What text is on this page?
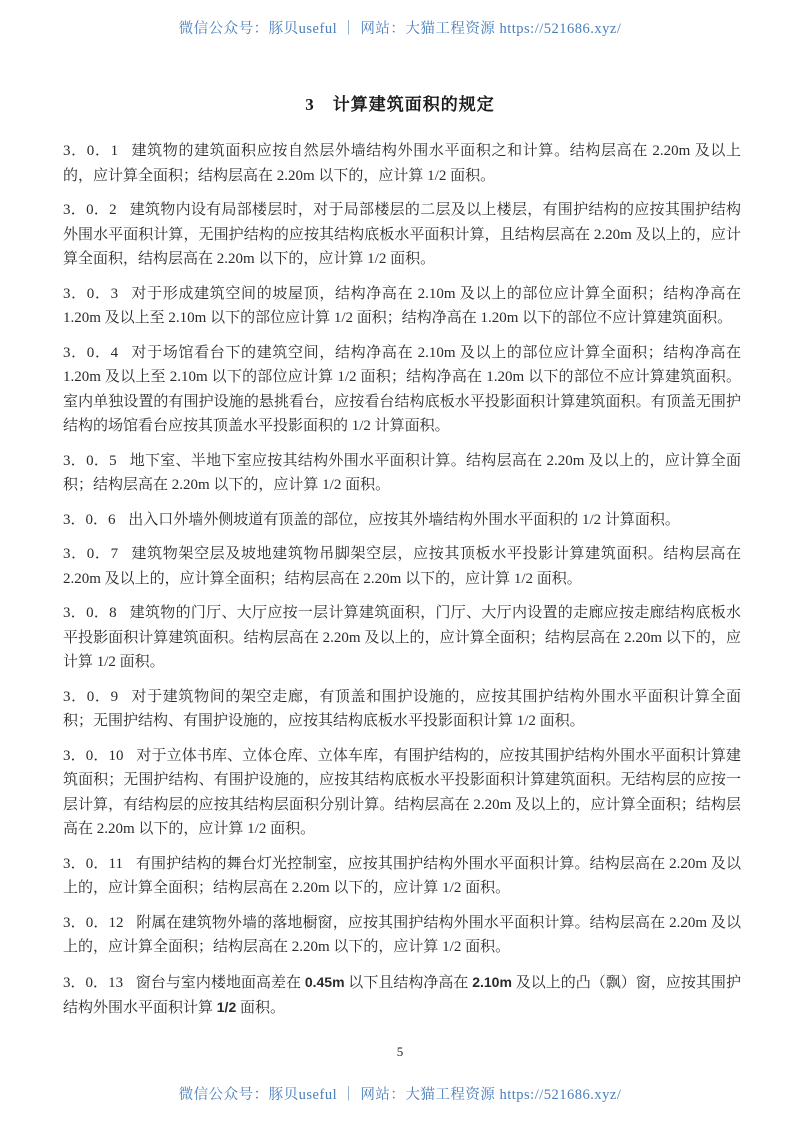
微信公众号：豚贝useful ｜ 网站：大猫工程资源 https://521686.xyz/
3　计算建筑面积的规定

3．0．1 建筑物的建筑面积应按自然层外墙结构外围水平面积之和计算。结构层高在 2.20m 及以上的，应计算全面积；结构层高在 2.20m 以下的，应计算 1/2 面积。

3．0．2 建筑物内设有局部楼层时，对于局部楼层的二层及以上楼层，有围护结构的应按其围护结构外围水平面积计算，无围护结构的应按其结构底板水平面积计算，且结构层高在 2.20m 及以上的，应计算全面积，结构层高在 2.20m 以下的，应计算 1/2 面积。

3．0．3 对于形成建筑空间的坡屋顶，结构净高在 2.10m 及以上的部位应计算全面积；结构净高在 1.20m 及以上至 2.10m 以下的部位应计算 1/2 面积；结构净高在 1.20m 以下的部位不应计算建筑面积。

3．0．4 对于场馆看台下的建筑空间，结构净高在 2.10m 及以上的部位应计算全面积；结构净高在 1.20m 及以上至 2.10m 以下的部位应计算 1/2 面积；结构净高在 1.20m 以下的部位不应计算建筑面积。室内单独设置的有围护设施的悬挑看台，应按看台结构底板水平投影面积计算建筑面积。有顶盖无围护结构的场馆看台应按其顶盖水平投影面积的 1/2 计算面积。

3．0．5 地下室、半地下室应按其结构外围水平面积计算。结构层高在 2.20m 及以上的，应计算全面积；结构层高在 2.20m 以下的，应计算 1/2 面积。

3．0．6 出入口外墙外侧坡道有顶盖的部位，应按其外墙结构外围水平面积的 1/2 计算面积。

3．0．7 建筑物架空层及坡地建筑物吊脚架空层，应按其顶板水平投影计算建筑面积。结构层高在 2.20m 及以上的，应计算全面积；结构层高在 2.20m 以下的，应计算 1/2 面积。

3．0．8 建筑物的门厅、大厅应按一层计算建筑面积，门厅、大厅内设置的走廊应按走廊结构底板水平投影面积计算建筑面积。结构层高在 2.20m 及以上的，应计算全面积；结构层高在 2.20m 以下的，应计算 1/2 面积。

3．0．9 对于建筑物间的架空走廊，有顶盖和围护设施的，应按其围护结构外围水平面积计算全面积；无围护结构、有围护设施的，应按其结构底板水平投影面积计算 1/2 面积。

3．0．10 对于立体书库、立体仓库、立体车库，有围护结构的，应按其围护结构外围水平面积计算建筑面积；无围护结构、有围护设施的，应按其结构底板水平投影面积计算建筑面积。无结构层的应按一层计算，有结构层的应按其结构层面积分别计算。结构层高在 2.20m 及以上的，应计算全面积；结构层高在 2.20m 以下的，应计算 1/2 面积。

3．0．11 有围护结构的舞台灯光控制室，应按其围护结构外围水平面积计算。结构层高在 2.20m 及以上的，应计算全面积；结构层高在 2.20m 以下的，应计算 1/2 面积。

3．0．12 附属在建筑物外墙的落地橱窗，应按其围护结构外围水平面积计算。结构层高在 2.20m 及以上的，应计算全面积；结构层高在 2.20m 以下的，应计算 1/2 面积。

3．0．13 窗台与室内楼地面高差在 0.45m 以下且结构净高在 2.10m 及以上的凸（飘）窗，应按其围护结构外围水平面积计算 1/2 面积。

5
微信公众号：豚贝useful ｜ 网站：大猫工程资源 https://521686.xyz/
